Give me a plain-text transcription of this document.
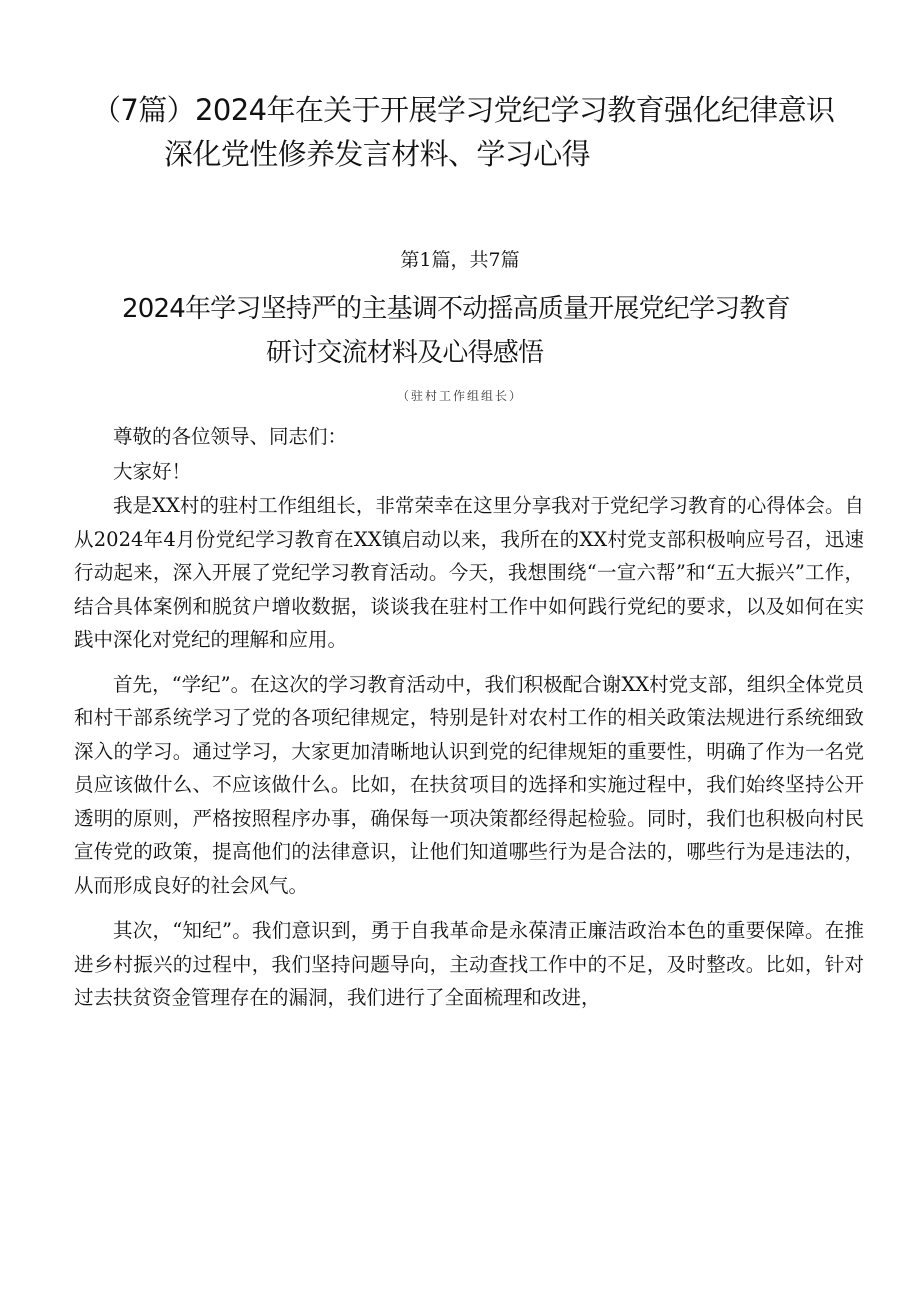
（7篇）2024年在关于开展学习党纪学习教育强化纪律意识
深化党性修养发言材料、学习心得
第1篇，共7篇
2024年学习坚持严的主基调不动摇高质量开展党纪学习教育
研讨交流材料及心得感悟
（驻村工作组组长）

尊敬的各位领导、同志们：

大家好！

我是XX村的驻村工作组组长，非常荣幸在这里分享我对于党纪学习教育的心得体会。自从2024年4月份党纪学习教育在XX镇启动以来，我所在的XX村党支部积极响应号召，迅速行动起来，深入开展了党纪学习教育活动。今天，我想围绕“一宣六帮”和“五大振兴”工作，结合具体案例和脱贫户增收数据，谈谈我在驻村工作中如何践行党纪的要求，以及如何在实践中深化对党纪的理解和应用。

首先，“学纪”。在这次的学习教育活动中，我们积极配合谢XX村党支部，组织全体党员和村干部系统学习了党的各项纪律规定，特别是针对农村工作的相关政策法规进行系统细致深入的学习。通过学习，大家更加清晰地认识到党的纪律规矩的重要性，明确了作为一名党员应该做什么、不应该做什么。比如，在扶贫项目的选择和实施过程中，我们始终坚持公开透明的原则，严格按照程序办事，确保每一项决策都经得起检验。同时，我们也积极向村民宣传党的政策，提高他们的法律意识，让他们知道哪些行为是合法的，哪些行为是违法的，从而形成良好的社会风气。

其次，“知纪”。我们意识到，勇于自我革命是永葆清正廉洁政治本色的重要保障。在推进乡村振兴的过程中，我们坚持问题导向，主动查找工作中的不足，及时整改。比如，针对过去扶贫资金管理存在的漏洞，我们进行了全面梳理和改进，
